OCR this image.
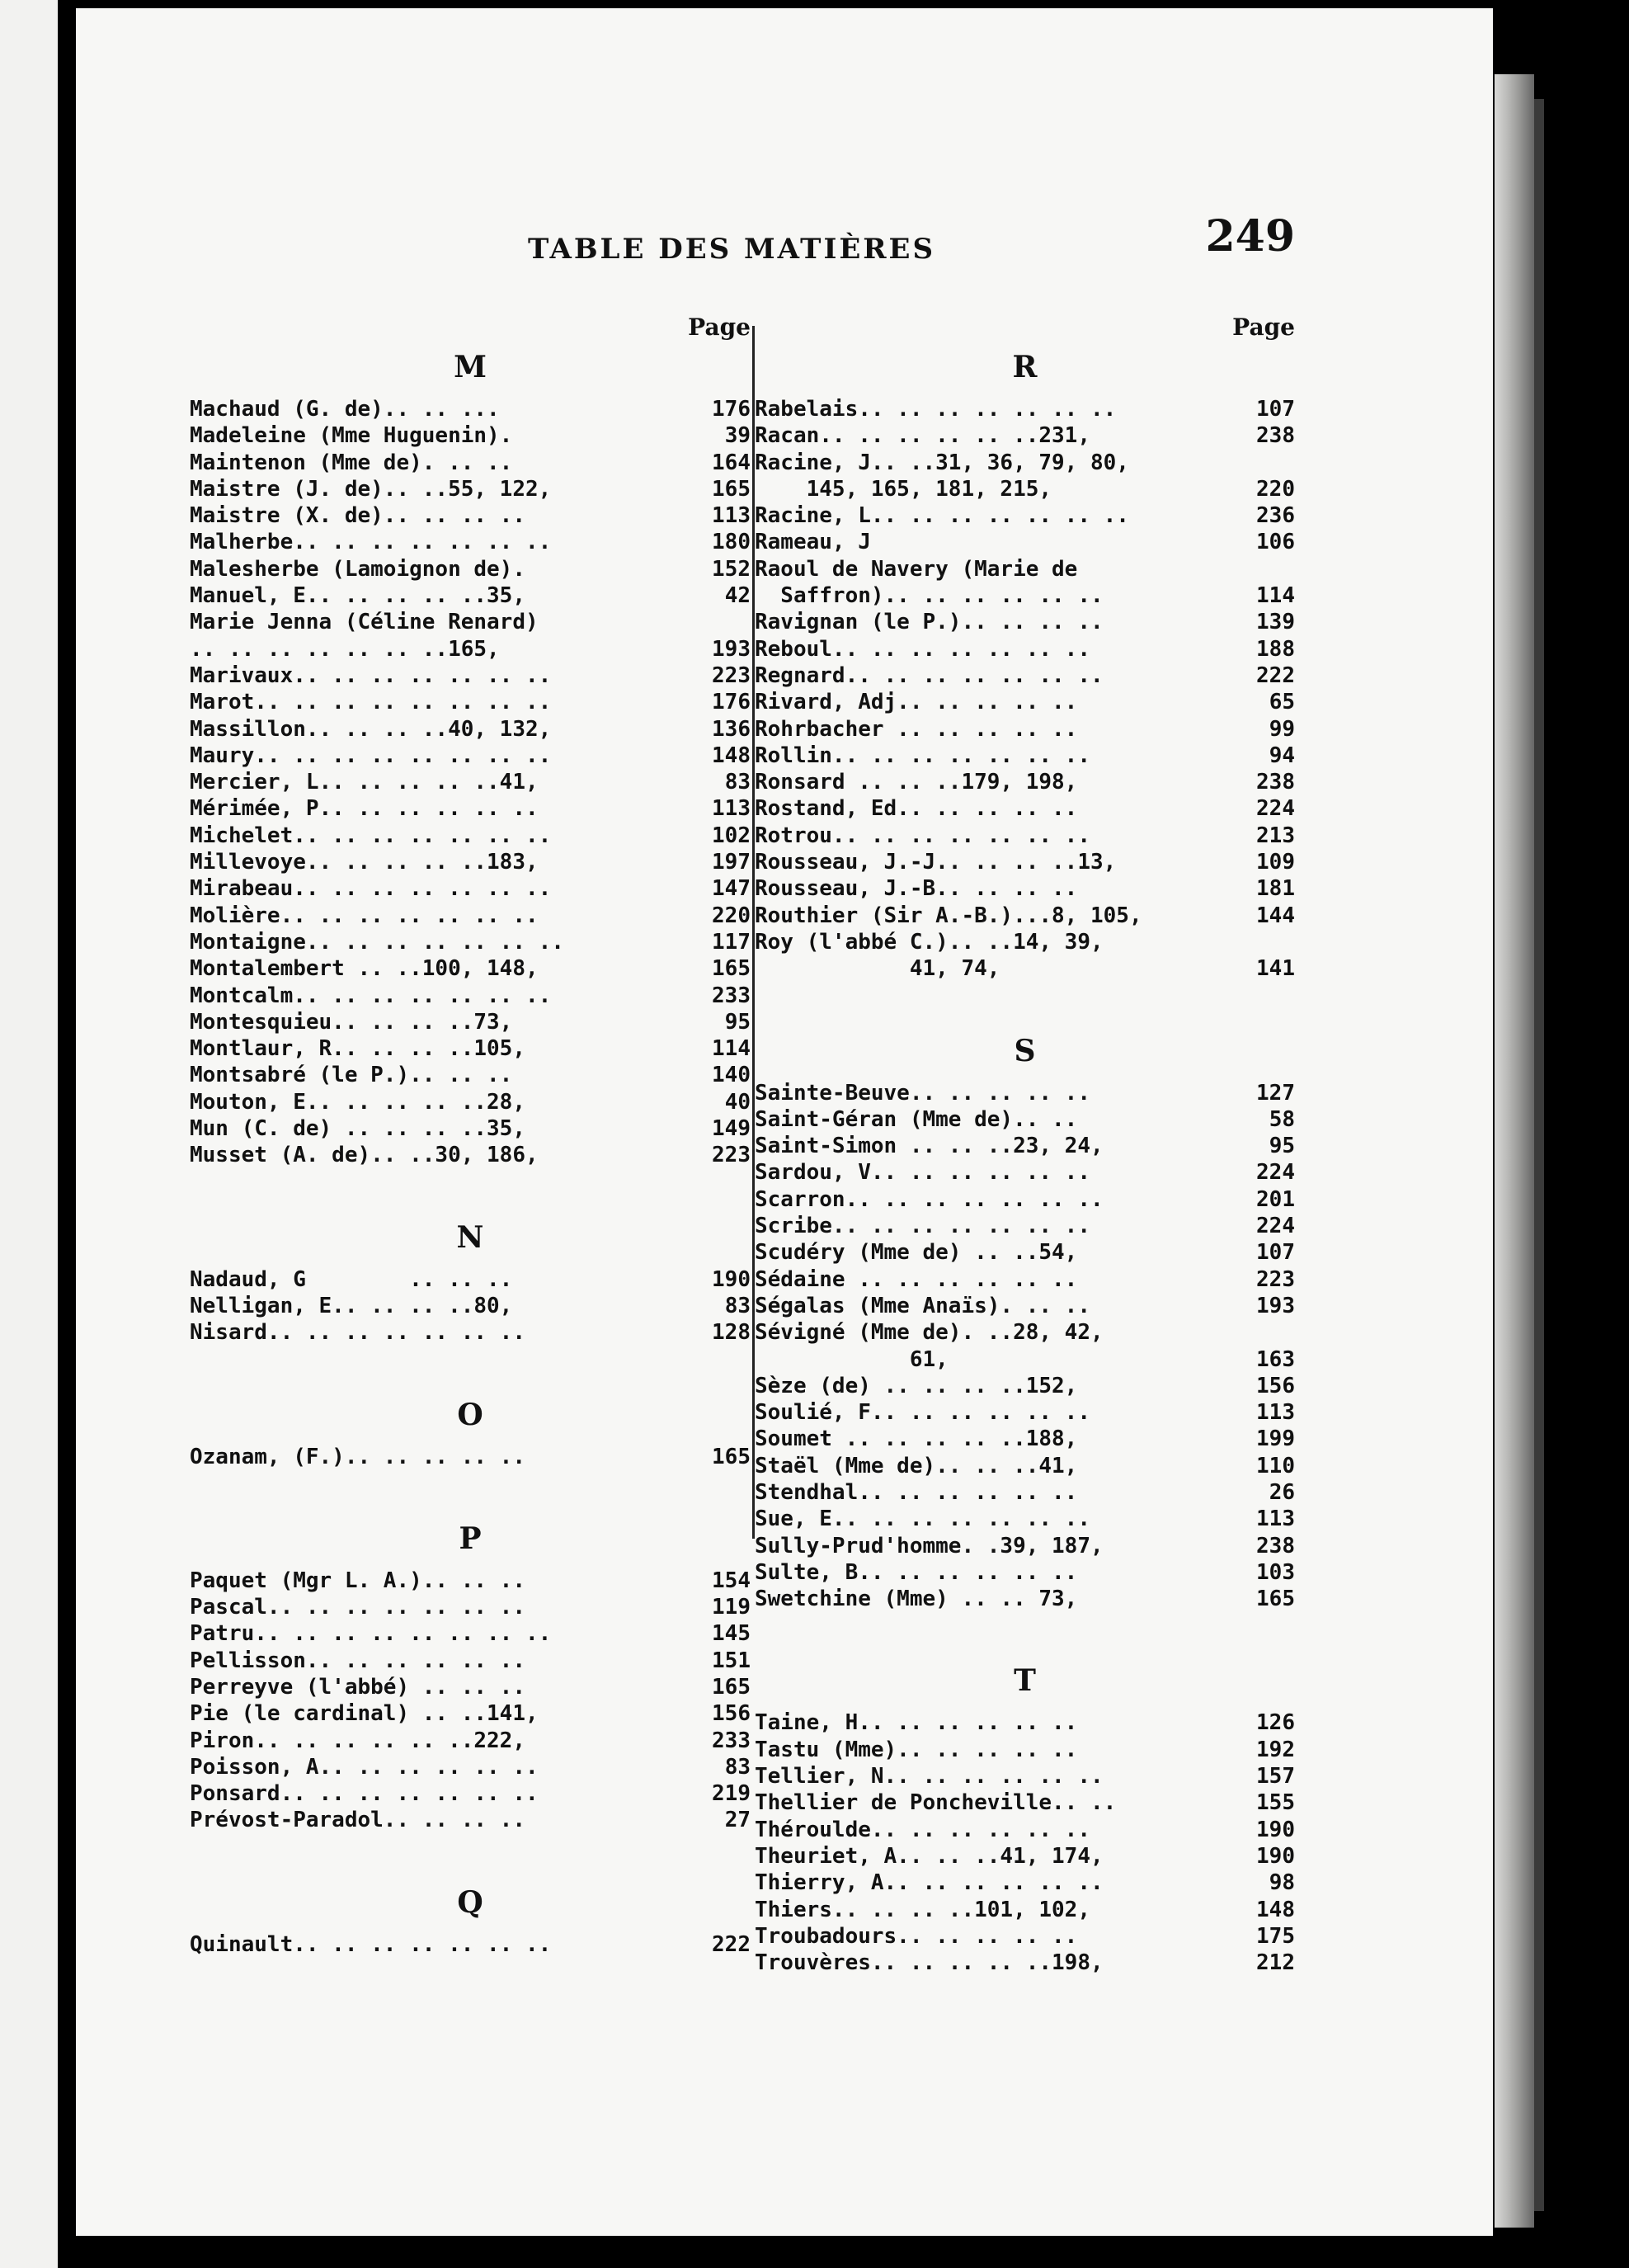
TABLE DES MATIÈRES	249
Page
M
Machaud (G. de).. .. ...	176
Madeleine (Mme Huguenin).	39
Maintenon (Mme de). .. ..	164
Maistre (J. de).. ..55, 122,	165
Maistre (X. de).. .. .. ..	113
Malherbe.. .. .. .. .. .. ..	180
Malesherbe (Lamoignon de).	152
Manuel, E.. .. .. .. ..35,	42
Marie Jenna (Céline Renard)
.. .. .. .. .. .. ..165,	193
Marivaux.. .. .. .. .. .. ..	223
Marot.. .. .. .. .. .. .. ..	176
Massillon.. .. .. ..40, 132,	136
Maury.. .. .. .. .. .. .. ..	148
Mercier, L.. .. .. .. ..41,	83
Mérimée, P.. .. .. .. .. ..	113
Michelet.. .. .. .. .. .. ..	102
Millevoye.. .. .. .. ..183,	197
Mirabeau.. .. .. .. .. .. ..	147
Molière.. .. .. .. .. .. ..	220
Montaigne.. .. .. .. .. .. ..	117
Montalembert .. ..100, 148,	165
Montcalm.. .. .. .. .. .. ..	233
Montesquieu.. .. .. ..73,	95
Montlaur, R.. .. .. ..105,	114
Montsabré (le P.).. .. ..	140
Mouton, E.. .. .. .. ..28,	40
Mun (C. de) .. .. .. ..35,	149
Musset (A. de).. ..30, 186,	223
N
Nadaud, G        .. .. ..	190
Nelligan, E.. .. .. ..80,	83
Nisard.. .. .. .. .. .. ..	128
O
Ozanam, (F.).. .. .. .. ..	165
P
Paquet (Mgr L. A.).. .. ..	154
Pascal.. .. .. .. .. .. ..	119
Patru.. .. .. .. .. .. .. ..	145
Pellisson.. .. .. .. .. ..	151
Perreyve (l'abbé) .. .. ..	165
Pie (le cardinal) .. ..141,	156
Piron.. .. .. .. .. ..222,	233
Poisson, A.. .. .. .. .. ..	83
Ponsard.. .. .. .. .. .. ..	219
Prévost-Paradol.. .. .. ..	27
Q
Quinault.. .. .. .. .. .. ..	222
Page
R
Rabelais.. .. .. .. .. .. ..	107
Racan.. .. .. .. .. ..231,	238
Racine, J.. ..31, 36, 79, 80,
145, 165, 181, 215,	220
Racine, L.. .. .. .. .. .. ..	236
Rameau, J	106
Raoul de Navery (Marie de
Saffron).. .. .. .. .. ..	114
Ravignan (le P.).. .. .. ..	139
Reboul.. .. .. .. .. .. ..	188
Regnard.. .. .. .. .. .. ..	222
Rivard, Adj.. .. .. .. ..	65
Rohrbacher .. .. .. .. ..	99
Rollin.. .. .. .. .. .. ..	94
Ronsard .. .. ..179, 198,	238
Rostand, Ed.. .. .. .. ..	224
Rotrou.. .. .. .. .. .. ..	213
Rousseau, J.-J.. .. .. ..13,	109
Rousseau, J.-B.. .. .. ..	181
Routhier (Sir A.-B.)...8, 105,	144
Roy (l'abbé C.).. ..14, 39,
41, 74,	141
S
Sainte-Beuve.. .. .. .. ..	127
Saint-Géran (Mme de).. ..	58
Saint-Simon .. .. ..23, 24,	95
Sardou, V.. .. .. .. .. ..	224
Scarron.. .. .. .. .. .. ..	201
Scribe.. .. .. .. .. .. ..	224
Scudéry (Mme de) .. ..54,	107
Sédaine .. .. .. .. .. ..	223
Ségalas (Mme Anaïs). .. ..	193
Sévigné (Mme de). ..28, 42,
61,	163
Sèze (de) .. .. .. ..152,	156
Soulié, F.. .. .. .. .. ..	113
Soumet .. .. .. .. ..188,	199
Staël (Mme de).. .. ..41,	110
Stendhal.. .. .. .. .. ..	26
Sue, E.. .. .. .. .. .. ..	113
Sully-Prud'homme. .39, 187,	238
Sulte, B.. .. .. .. .. ..	103
Swetchine (Mme) .. .. 73,	165
T
Taine, H.. .. .. .. .. ..	126
Tastu (Mme).. .. .. .. ..	192
Tellier, N.. .. .. .. .. ..	157
Thellier de Poncheville.. ..	155
Théroulde.. .. .. .. .. ..	190
Theuriet, A.. .. ..41, 174,	190
Thierry, A.. .. .. .. .. ..	98
Thiers.. .. .. ..101, 102,	148
Troubadours.. .. .. .. ..	175
Trouvères.. .. .. .. ..198,	212
